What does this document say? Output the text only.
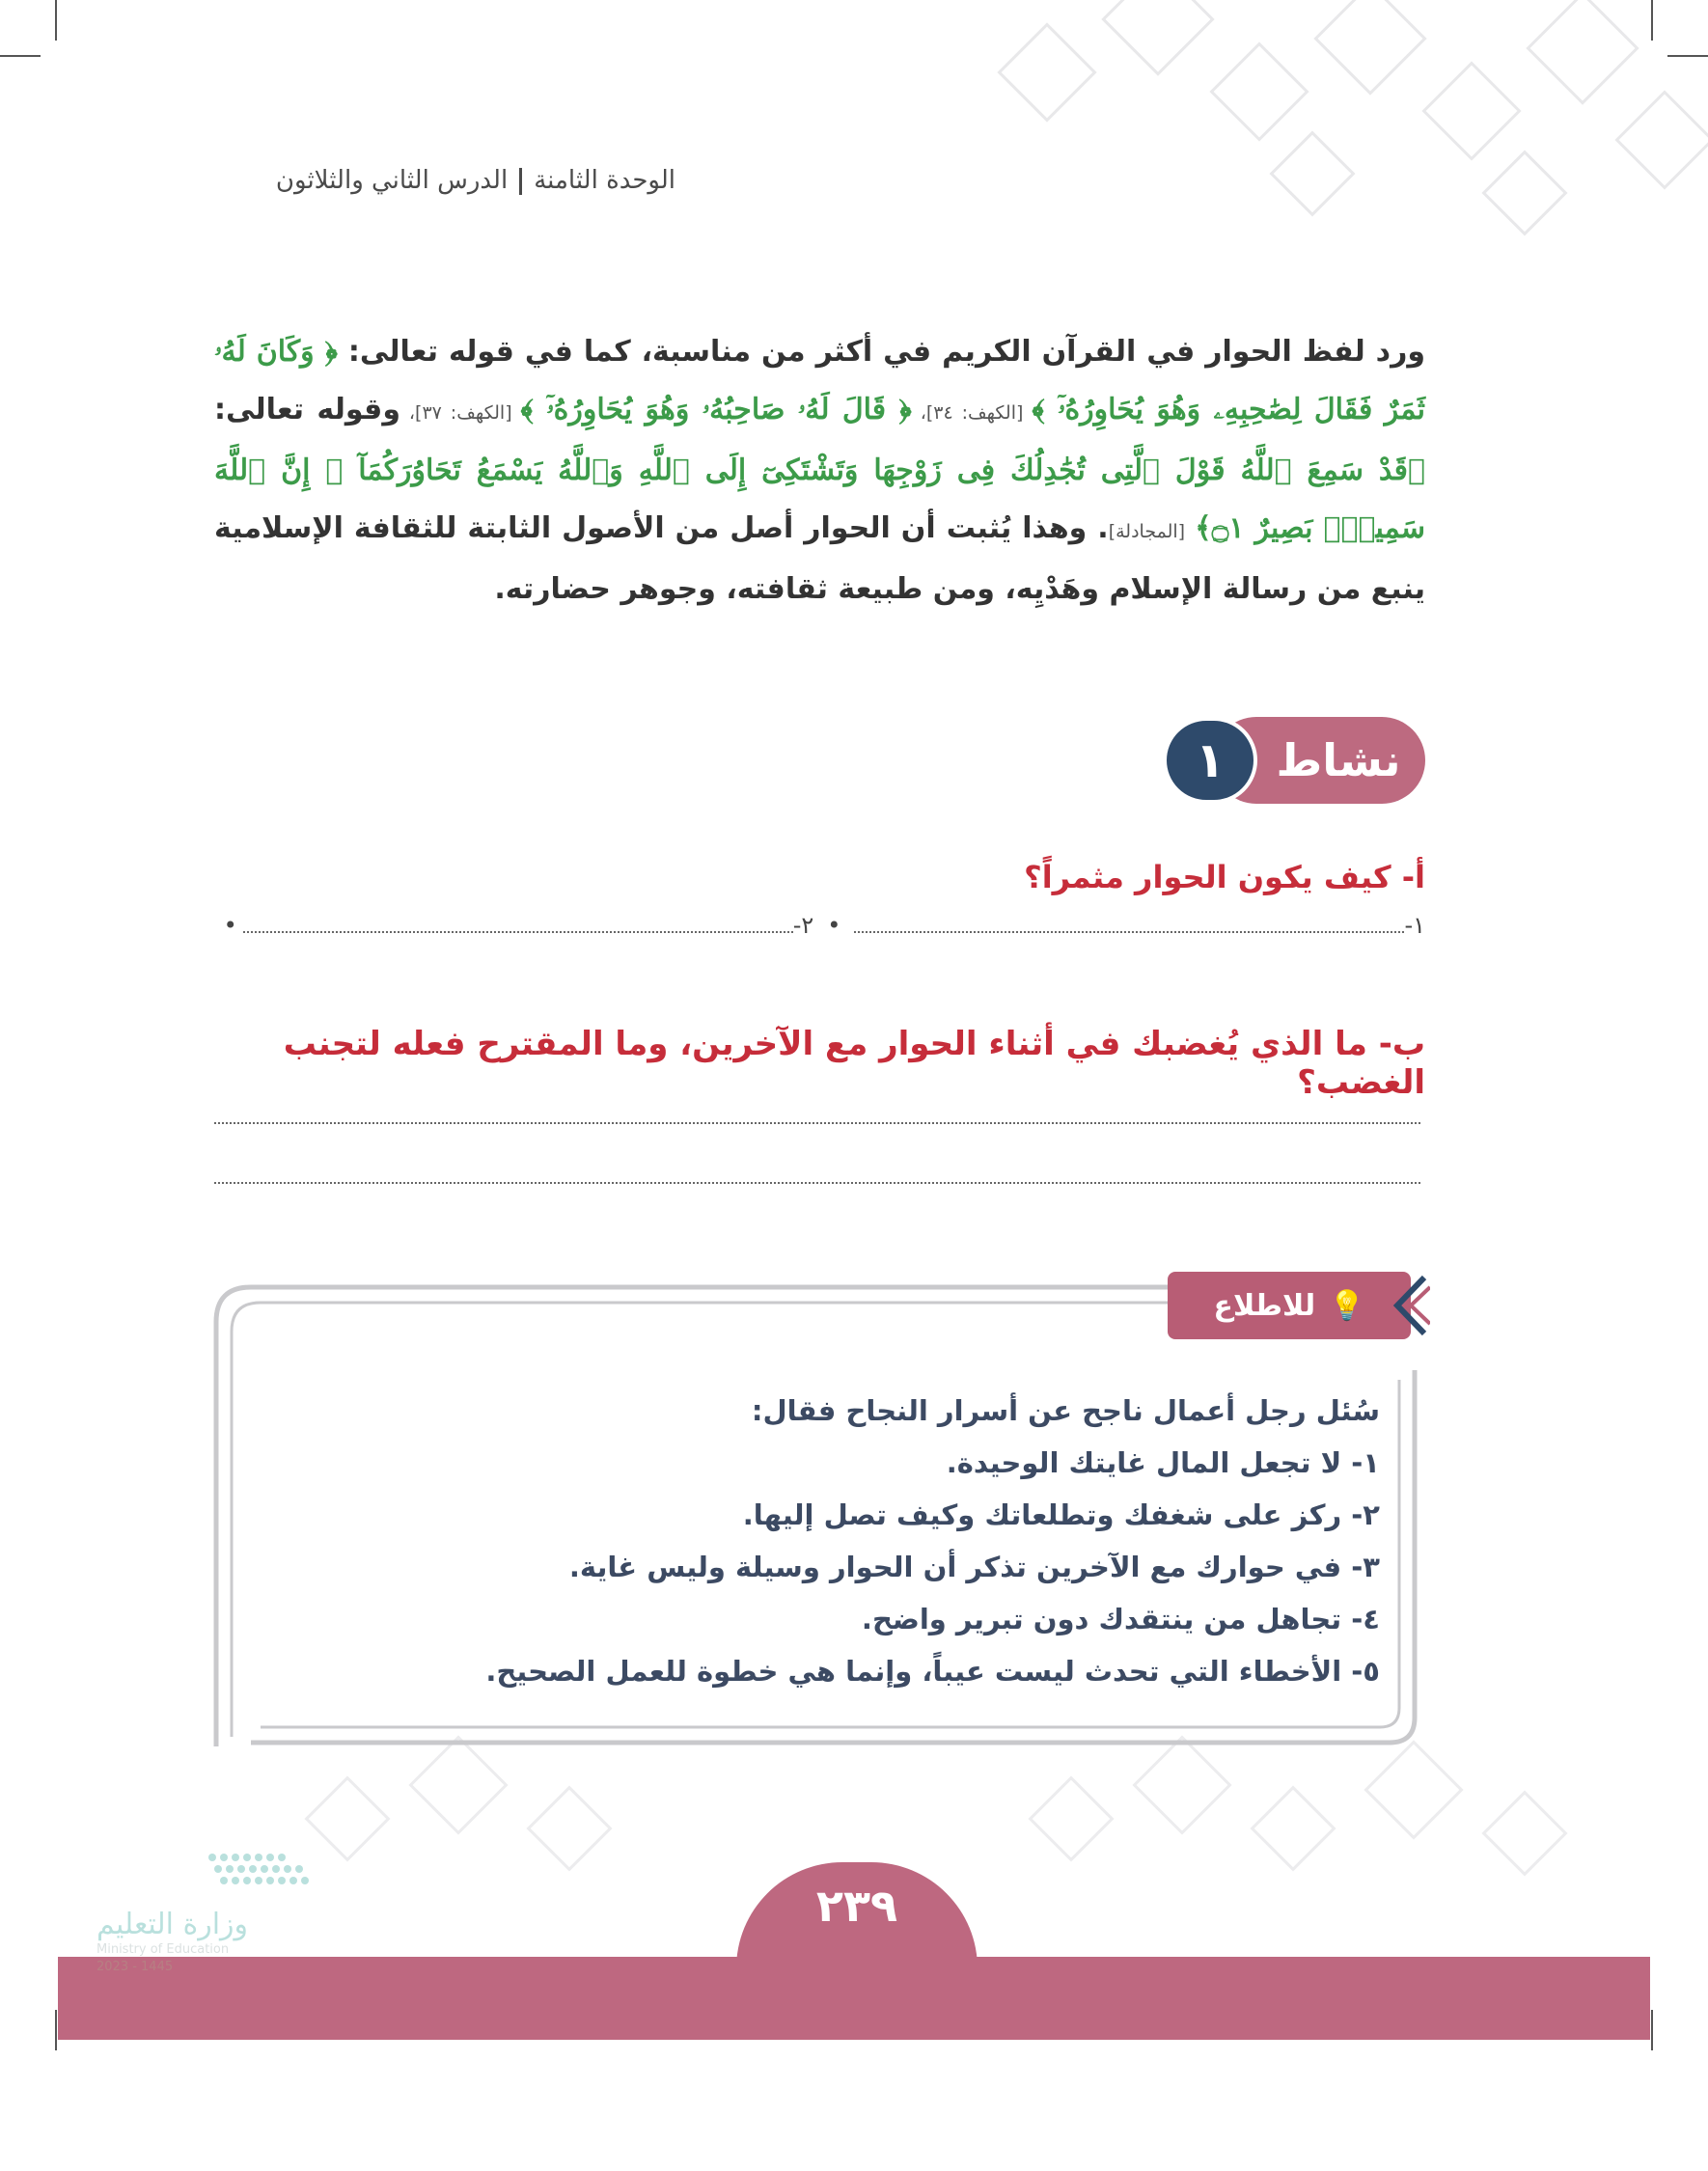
الوحدة الثامنةالدرس الثاني والثلاثون
ورد لفظ الحوار في القرآن الكريم في أكثر من مناسبة، كما في قوله تعالى: ﴿ وَكَانَ لَهُۥ ثَمَرٌ فَقَالَ لِصَٰحِبِهِۦ وَهُوَ يُحَاوِرُهُۥٓ ﴾ [الكهف: ٣٤]، ﴿ قَالَ لَهُۥ صَاحِبُهُۥ وَهُوَ يُحَاوِرُهُۥٓ ﴾ [الكهف: ٣٧]، وقوله تعالى: ﴿قَدْ سَمِعَ ٱللَّهُ قَوْلَ ٱلَّتِى تُجَٰدِلُكَ فِى زَوْجِهَا وَتَشْتَكِىٓ إِلَى ٱللَّهِ وَٱللَّهُ يَسْمَعُ تَحَاوُرَكُمَآ ۚ إِنَّ ٱللَّهَ سَمِيعٌۢ بَصِيرٌ ۝١﴾ [المجادلة]. وهذا يُثبت أن الحوار أصل من الأصول الثابتة للثقافة الإسلامية ينبع من رسالة الإسلام وهَدْيِه، ومن طبيعة ثقافته، وجوهر حضارته.
نشاط
١
أ- كيف يكون الحوار مثمراً؟
١-
•
٢-
•
ب- ما الذي يُغضبك في أثناء الحوار مع الآخرين، وما المقترح فعله لتجنب الغضب؟
💡
للاطلاع
سُئل رجل أعمال ناجح عن أسرار النجاح فقال:
١- لا تجعل المال غايتك الوحيدة.
٢- ركز على شغفك وتطلعاتك وكيف تصل إليها.
٣- في حوارك مع الآخرين تذكر أن الحوار وسيلة وليس غاية.
٤- تجاهل من ينتقدك دون تبرير واضح.
٥- الأخطاء التي تحدث ليست عيباً، وإنما هي خطوة للعمل الصحيح.
٢٣٩
وزارة التعليم
Ministry of Education
2023 - 1445
